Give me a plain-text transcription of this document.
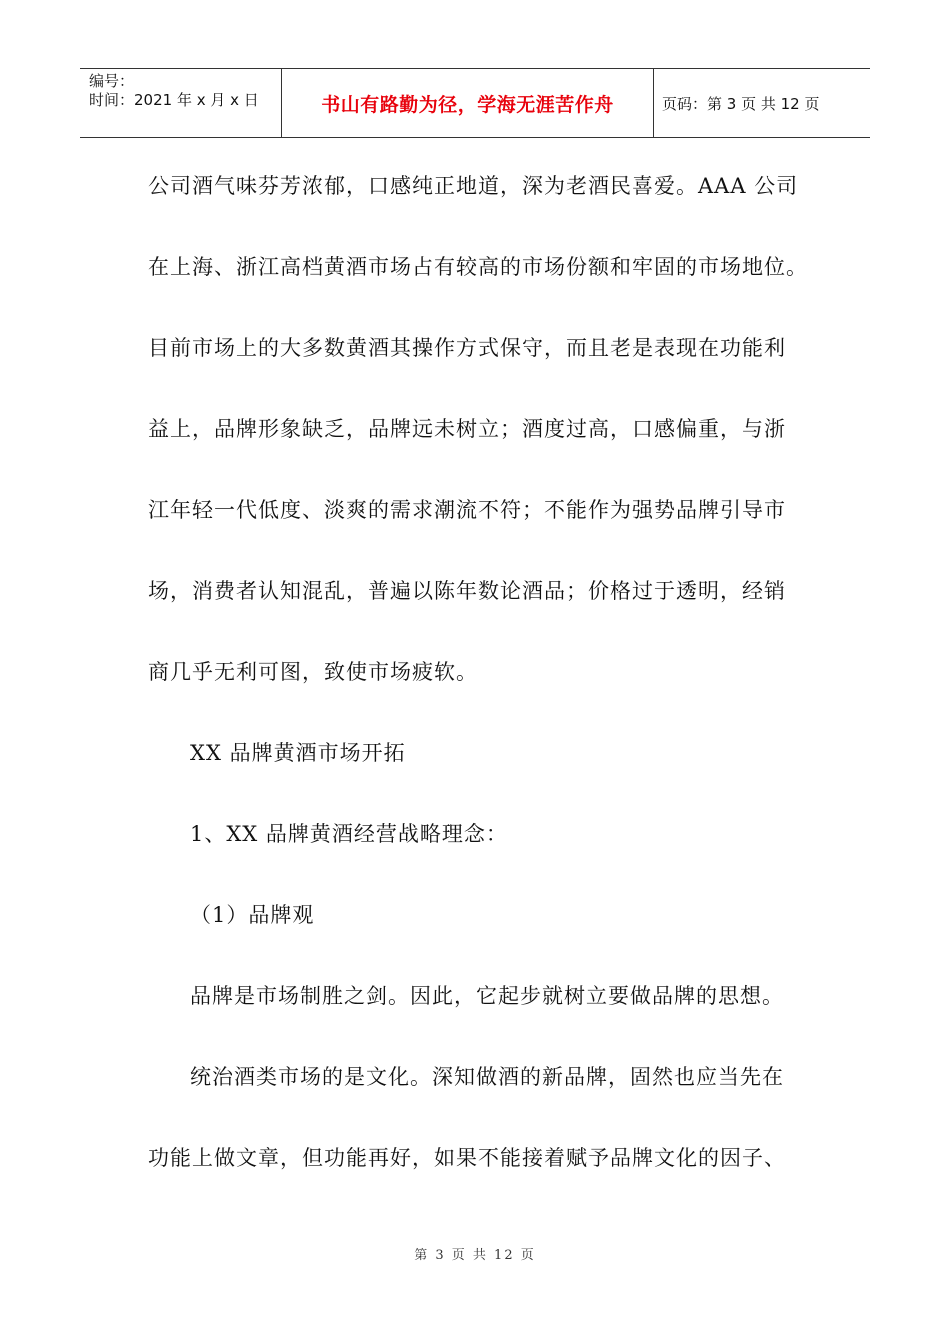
编号：
时间：2021 年 x 月 x 日	书山有路勤为径，学海无涯苦作舟	页码：第 3 页 共 12 页

公司酒气味芬芳浓郁，口感纯正地道，深为老酒民喜爱。AAA 公司

在上海、浙江高档黄酒市场占有较高的市场份额和牢固的市场地位。

目前市场上的大多数黄酒其操作方式保守，而且老是表现在功能利

益上，品牌形象缺乏，品牌远未树立；酒度过高，口感偏重，与浙

江年轻一代低度、淡爽的需求潮流不符；不能作为强势品牌引导市

场，消费者认知混乱，普遍以陈年数论酒品；价格过于透明，经销

商几乎无利可图，致使市场疲软。

XX 品牌黄酒市场开拓

1、XX 品牌黄酒经营战略理念：

（1）品牌观

品牌是市场制胜之剑。因此，它起步就树立要做品牌的思想。

统治酒类市场的是文化。深知做酒的新品牌，固然也应当先在

功能上做文章，但功能再好，如果不能接着赋予品牌文化的因子、

第 3 页 共 12 页
